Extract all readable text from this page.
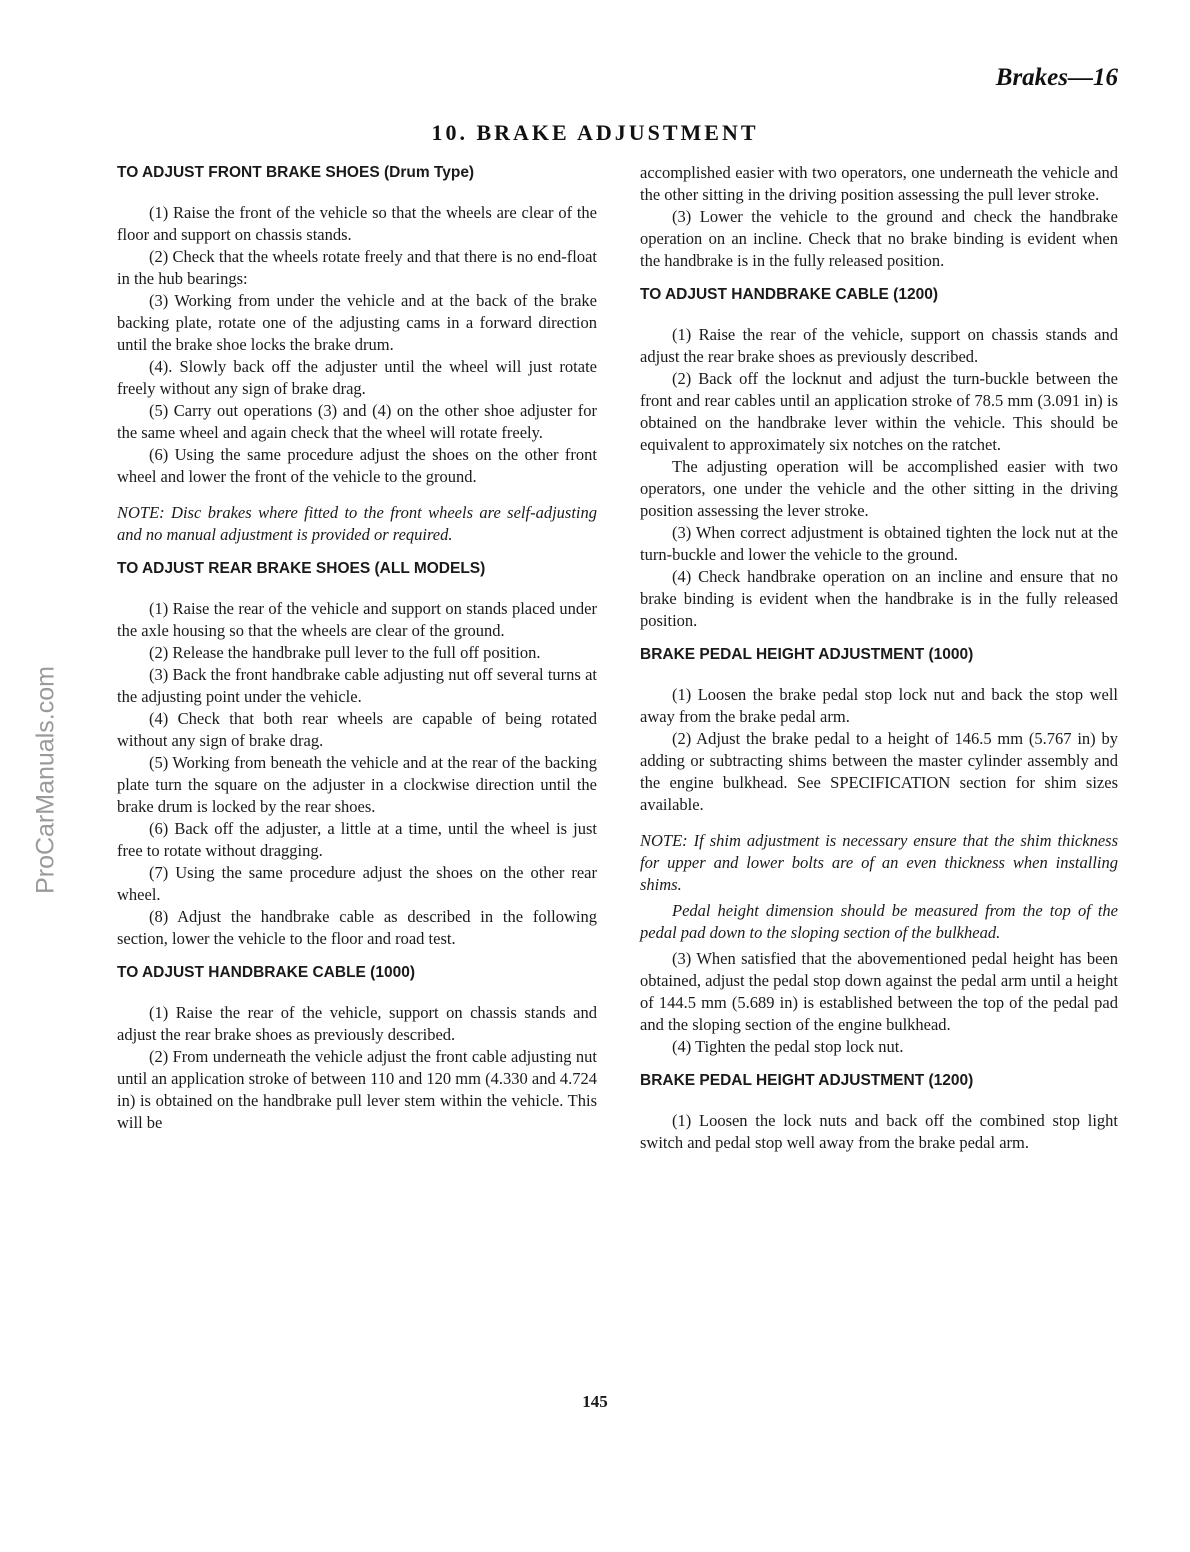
Brakes—16
10. BRAKE ADJUSTMENT
ProCarManuals.com
TO ADJUST FRONT BRAKE SHOES (Drum Type)

(1) Raise the front of the vehicle so that the wheels are clear of the floor and support on chassis stands.

(2) Check that the wheels rotate freely and that there is no end-float in the hub bearings:

(3) Working from under the vehicle and at the back of the brake backing plate, rotate one of the adjusting cams in a forward direction until the brake shoe locks the brake drum.

(4). Slowly back off the adjuster until the wheel will just rotate freely without any sign of brake drag.

(5) Carry out operations (3) and (4) on the other shoe adjuster for the same wheel and again check that the wheel will rotate freely.

(6) Using the same procedure adjust the shoes on the other front wheel and lower the front of the vehicle to the ground.

NOTE: Disc brakes where fitted to the front wheels are self-adjusting and no manual adjustment is provided or required.

TO ADJUST REAR BRAKE SHOES (ALL MODELS)

(1) Raise the rear of the vehicle and support on stands placed under the axle housing so that the wheels are clear of the ground.

(2) Release the handbrake pull lever to the full off position.

(3) Back the front handbrake cable adjusting nut off several turns at the adjusting point under the vehicle.

(4) Check that both rear wheels are capable of being rotated without any sign of brake drag.

(5) Working from beneath the vehicle and at the rear of the backing plate turn the square on the adjuster in a clockwise direction until the brake drum is locked by the rear shoes.

(6) Back off the adjuster, a little at a time, until the wheel is just free to rotate without dragging.

(7) Using the same procedure adjust the shoes on the other rear wheel.

(8) Adjust the handbrake cable as described in the following section, lower the vehicle to the floor and road test.

TO ADJUST HANDBRAKE CABLE (1000)

(1) Raise the rear of the vehicle, support on chassis stands and adjust the rear brake shoes as previously described.

(2) From underneath the vehicle adjust the front cable adjusting nut until an application stroke of between 110 and 120 mm (4.330 and 4.724 in) is obtained on the handbrake pull lever stem within the vehicle. This will be

accomplished easier with two operators, one underneath the vehicle and the other sitting in the driving position assessing the pull lever stroke.

(3) Lower the vehicle to the ground and check the handbrake operation on an incline. Check that no brake binding is evident when the handbrake is in the fully released position.

TO ADJUST HANDBRAKE CABLE (1200)

(1) Raise the rear of the vehicle, support on chassis stands and adjust the rear brake shoes as previously described.

(2) Back off the locknut and adjust the turn-buckle between the front and rear cables until an application stroke of 78.5 mm (3.091 in) is obtained on the handbrake lever within the vehicle. This should be equivalent to approximately six notches on the ratchet.

The adjusting operation will be accomplished easier with two operators, one under the vehicle and the other sitting in the driving position assessing the lever stroke.

(3) When correct adjustment is obtained tighten the lock nut at the turn-buckle and lower the vehicle to the ground.

(4) Check handbrake operation on an incline and ensure that no brake binding is evident when the handbrake is in the fully released position.

BRAKE PEDAL HEIGHT ADJUSTMENT (1000)

(1) Loosen the brake pedal stop lock nut and back the stop well away from the brake pedal arm.

(2) Adjust the brake pedal to a height of 146.5 mm (5.767 in) by adding or subtracting shims between the master cylinder assembly and the engine bulkhead. See SPECIFICATION section for shim sizes available.

NOTE: If shim adjustment is necessary ensure that the shim thickness for upper and lower bolts are of an even thickness when installing shims.

Pedal height dimension should be measured from the top of the pedal pad down to the sloping section of the bulkhead.

(3) When satisfied that the abovementioned pedal height has been obtained, adjust the pedal stop down against the pedal arm until a height of 144.5 mm (5.689 in) is established between the top of the pedal pad and the sloping section of the engine bulkhead.

(4) Tighten the pedal stop lock nut.

BRAKE PEDAL HEIGHT ADJUSTMENT (1200)

(1) Loosen the lock nuts and back off the combined stop light switch and pedal stop well away from the brake pedal arm.

145
